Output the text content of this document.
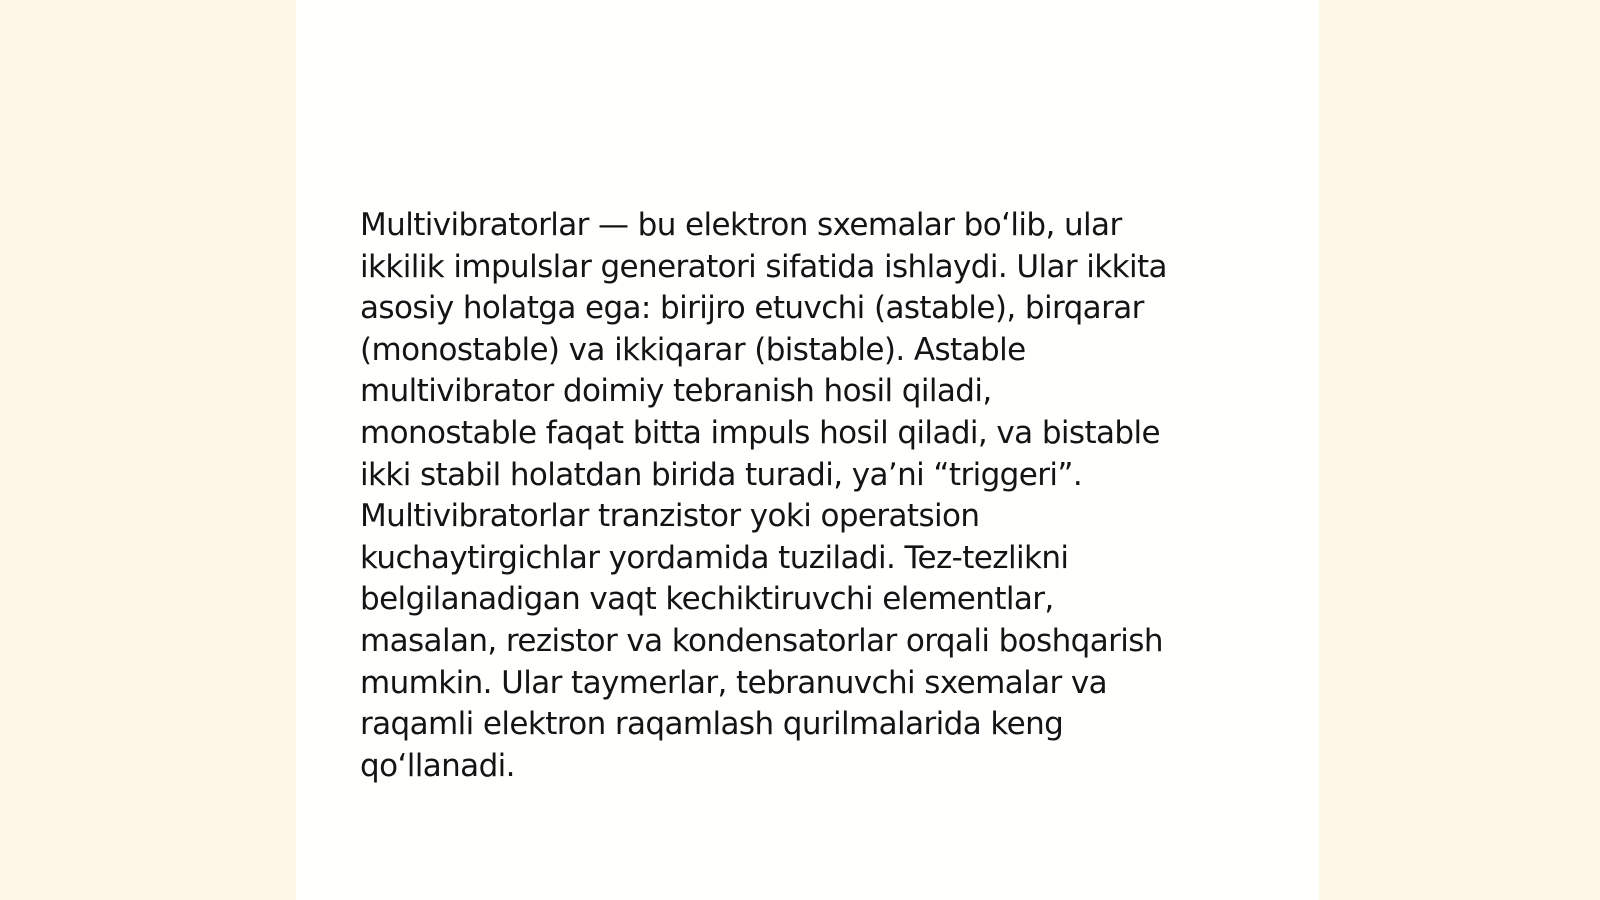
Multivibratorlar — bu elektron sxemalar bo‘lib, ular
ikkilik impulslar generatori sifatida ishlaydi. Ular ikkita
asosiy holatga ega: birijro etuvchi (astable), birqarar
(monostable) va ikkiqarar (bistable). Astable
multivibrator doimiy tebranish hosil qiladi,
monostable faqat bitta impuls hosil qiladi, va bistable
ikki stabil holatdan birida turadi, ya’ni “triggeri”.
Multivibratorlar tranzistor yoki operatsion
kuchaytirgichlar yordamida tuziladi. Tez-tezlikni
belgilanadigan vaqt kechiktiruvchi elementlar,
masalan, rezistor va kondensatorlar orqali boshqarish
mumkin. Ular taymerlar, tebranuvchi sxemalar va
raqamli elektron raqamlash qurilmalarida keng
qo‘llanadi.
